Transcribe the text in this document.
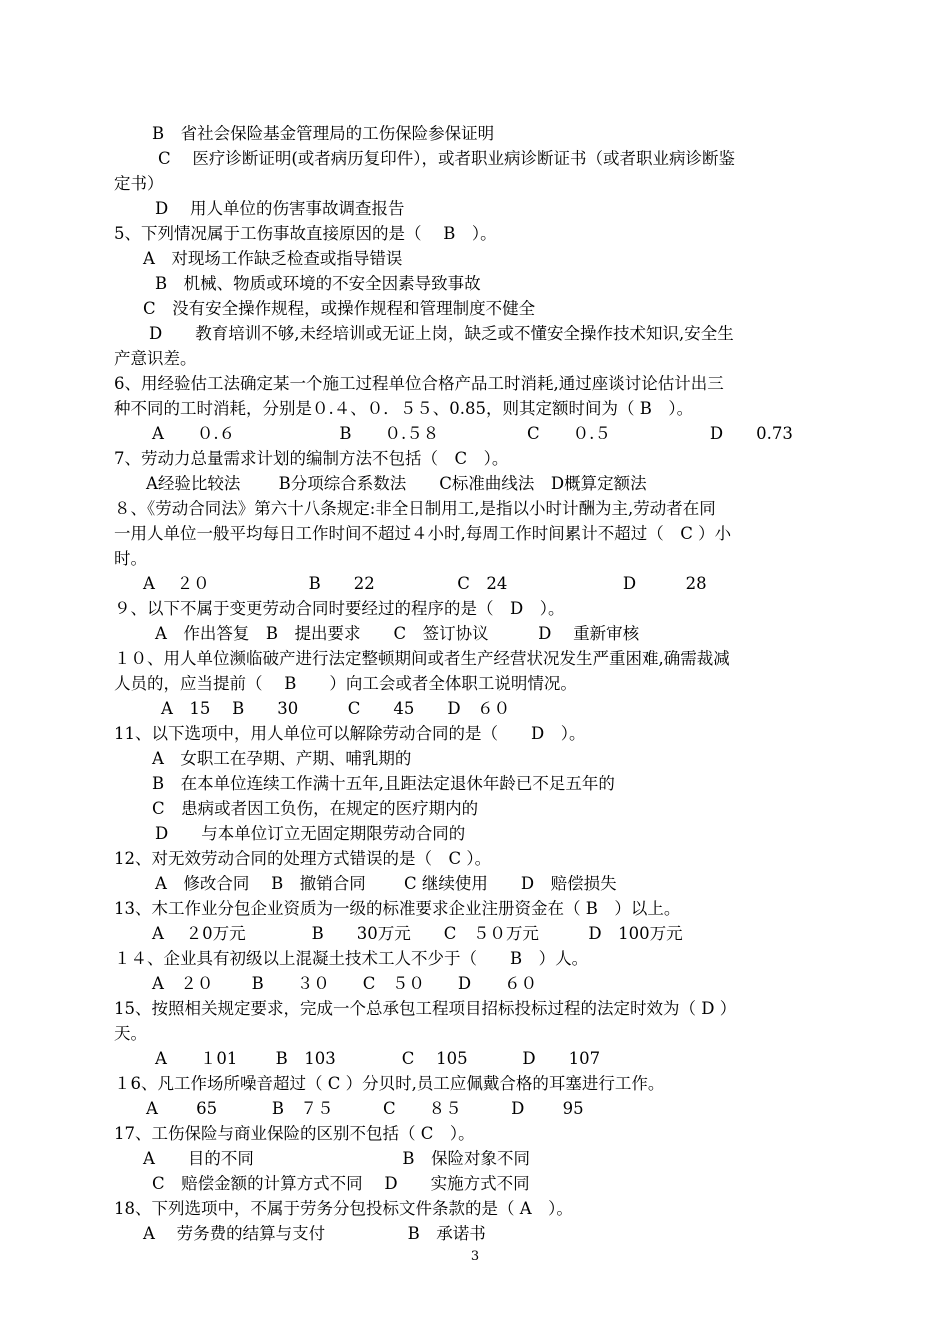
B　省社会保险基金管理局的工伤保险参保证明
C　 医疗诊断证明(或者病历复印件），或者职业病诊断证书（或者职业病诊断鉴
定书）
D　 用人单位的伤害事故调查报告
5、下列情况属于工伤事故直接原因的是（　 B　）。
A　对现场工作缺乏检查或指导错误
B　机械、物质或环境的不安全因素导致事故
C　没有安全操作规程，或操作规程和管理制度不健全
D　　教育培训不够,未经培训或无证上岗，缺乏或不懂安全操作技术知识,安全生
产意识差。
6、用经验估工法确定某一个施工过程单位合格产品工时消耗,通过座谈讨论估计出三
种不同的工时消耗，分别是０.４、０．５５、0.85，则其定额时间为（ B　）。
A　　０.６　　　　　　 B　　０.５８　　　　　 C　　０.５　　　　　　D　　0.73
7、劳动力总量需求计划的编制方法不包括（　C　）。
A经验比较法　　 B分项综合系数法　　C标准曲线法　D概算定额法
８、《劳动合同法》第六十八条规定:非全日制用工,是指以小时计酬为主,劳动者在同
一用人单位一般平均每日工作时间不超过４小时,每周工作时间累计不超过（　C ）小
时。
A　 ２０　　　　　　B　　22　　　　　C　24　　　　　　　D　　　28
９、以下不属于变更劳动合同时要经过的程序的是（　D　）。
A　作出答复　B　提出要求　　C　签订协议　　　D　 重新审核
１０、用人单位濒临破产进行法定整顿期间或者生产经营状况发生严重困难,确需裁减
人员的，应当提前（　 B　　）向工会或者全体职工说明情况。
A　15　 B　　30　　　C　　45　　D　６０
11、以下选项中，用人单位可以解除劳动合同的是（　　D　）。
A　女职工在孕期、产期、哺乳期的
B　在本单位连续工作满十五年,且距法定退休年龄已不足五年的
C　患病或者因工负伤，在规定的医疗期内的
D　　与本单位订立无固定期限劳动合同的
12、对无效劳动合同的处理方式错误的是（　C ）。
A　修改合同　 B　撤销合同　　 C 继续使用　　D　赔偿损失
13、木工作业分包企业资质为一级的标准要求企业注册资金在（ B　）以上。
A　 ２0万元　　　　B　　30万元　　C　５０万元　　　D　100万元
１４、企业具有初级以上混凝土技术工人不少于（　　B　）人。
A　２０　　 B　　３０　　C　５０　　D　　６０
15、按照相关规定要求，完成一个总承包工程项目招标投标过程的法定时效为（ D ）
天。
A　　１01　　 B　103　　　　C　 105　　　 D　　107
１6、凡工作场所噪音超过（ C ）分贝时,员工应佩戴合格的耳塞进行工作。
A　　 65　　　 B　７５　　　C　　８５　　　D　　 95
17、工伤保险与商业保险的区别不包括（ C　）。
A　　目的不同　　　　　　　　　B　保险对象不同
C　赔偿金额的计算方式不同　 D　　实施方式不同
18、下列选项中，不属于劳务分包投标文件条款的是（ A　）。
A　 劳务费的结算与支付　　　　　B　承诺书
3
